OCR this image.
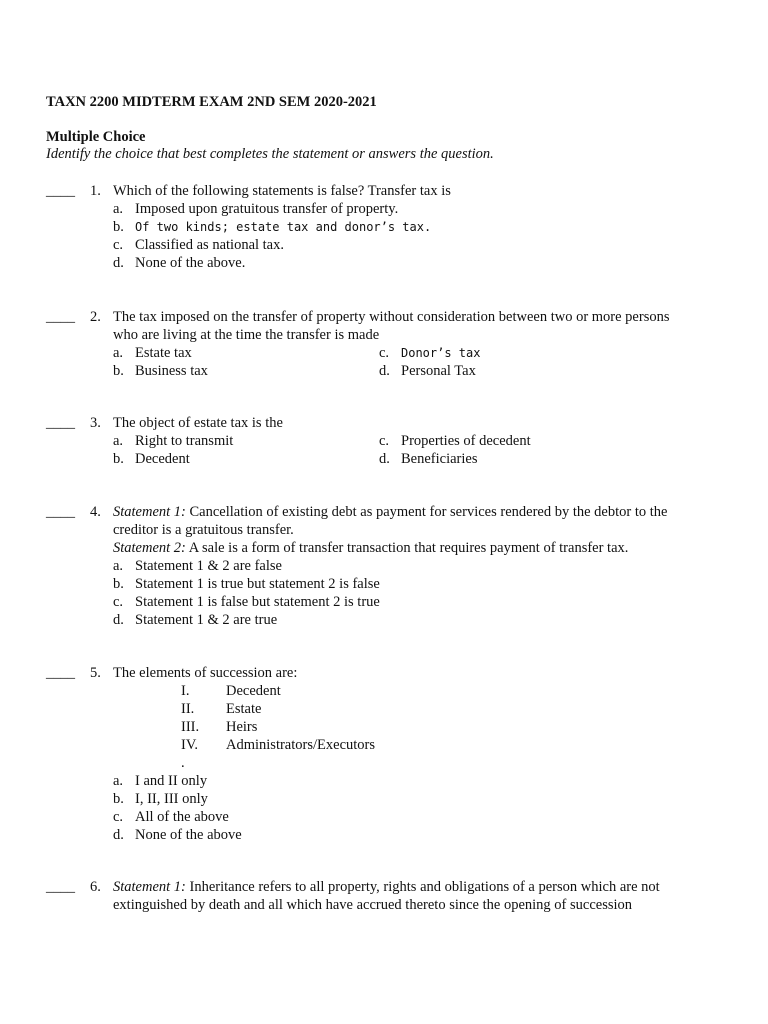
TAXN 2200 MIDTERM EXAM 2ND SEM 2020-2021
Multiple Choice
Identify the choice that best completes the statement or answers the question.
____ 1. Which of the following statements is false? Transfer tax is
a. Imposed upon gratuitous transfer of property.
b. Of two kinds; estate tax and donor’s tax.
c. Classified as national tax.
d. None of the above.
____ 2. The tax imposed on the transfer of property without consideration between two or more persons
who are living at the time the transfer is made
a. Estate tax	c. Donor’s tax
b. Business tax	d. Personal Tax
____ 3. The object of estate tax is the
a. Right to transmit	c. Properties of decedent
b. Decedent	d. Beneficiaries
____ 4. Statement 1: Cancellation of existing debt as payment for services rendered by the debtor to the
creditor is a gratuitous transfer.
Statement 2: A sale is a form of transfer transaction that requires payment of transfer tax.
a. Statement 1 & 2 are false
b. Statement 1 is true but statement 2 is false
c. Statement 1 is false but statement 2 is true
d. Statement 1 & 2 are true
____ 5. The elements of succession are:
I.	Decedent
II. Estate
III. Heirs
IV. Administrators/Executors
.
a. I and II only
b. I, II, III only
c. All of the above
d. None of the above
____ 6. Statement 1: Inheritance refers to all property, rights and obligations of a person which are not
extinguished by death and all which have accrued thereto since the opening of succession
